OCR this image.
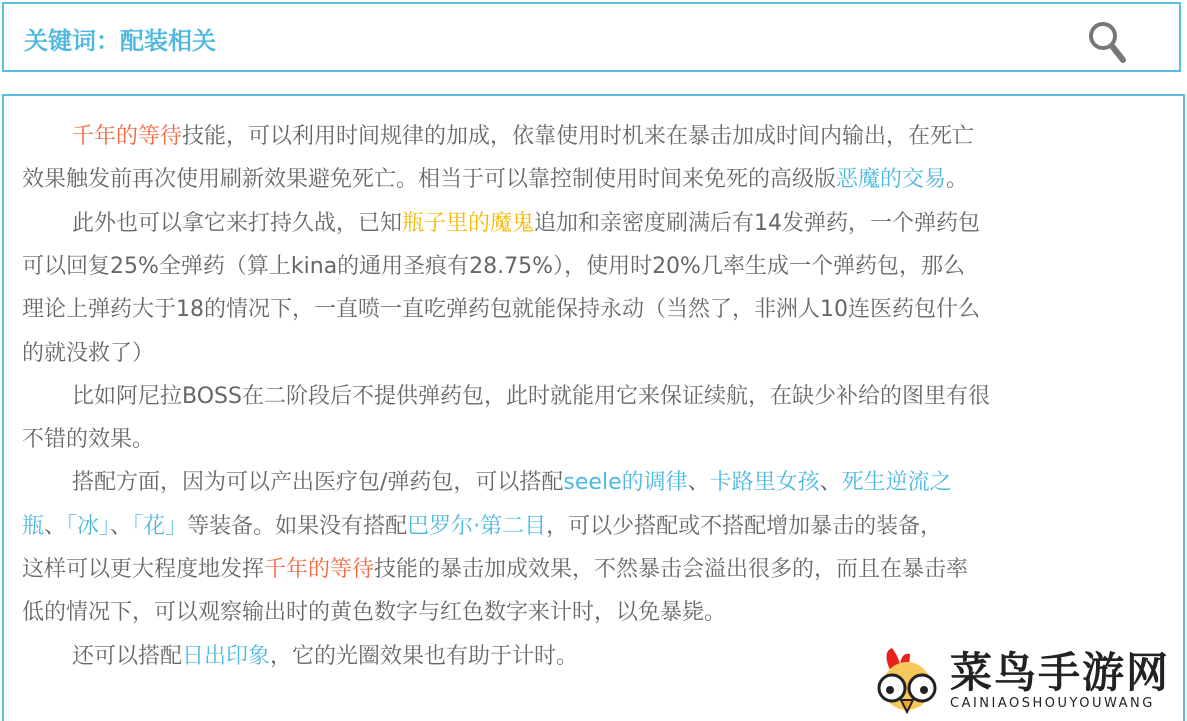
关键词：配装相关
千年的等待技能，可以利用时间规律的加成，依靠使用时机来在暴击加成时间内输出，在死亡
效果触发前再次使用刷新效果避免死亡。相当于可以靠控制使用时间来免死的高级版恶魔的交易。
此外也可以拿它来打持久战，已知瓶子里的魔鬼追加和亲密度刷满后有14发弹药，一个弹药包
可以回复25%全弹药（算上kina的通用圣痕有28.75%），使用时20%几率生成一个弹药包，那么
理论上弹药大于18的情况下，一直喷一直吃弹药包就能保持永动（当然了，非洲人10连医药包什么
的就没救了）
比如阿尼拉BOSS在二阶段后不提供弹药包，此时就能用它来保证续航，在缺少补给的图里有很
不错的效果。
搭配方面，因为可以产出医疗包/弹药包，可以搭配seele的调律、卡路里女孩、死生逆流之
瓶、「冰」、「花」等装备。如果没有搭配巴罗尔·第二目，可以少搭配或不搭配增加暴击的装备，
这样可以更大程度地发挥千年的等待技能的暴击加成效果，不然暴击会溢出很多的，而且在暴击率
低的情况下，可以观察输出时的黄色数字与红色数字来计时，以免暴毙。
还可以搭配日出印象，它的光圈效果也有助于计时。	菜鸟手游网
CAINIAOSHOUYOUWANG
